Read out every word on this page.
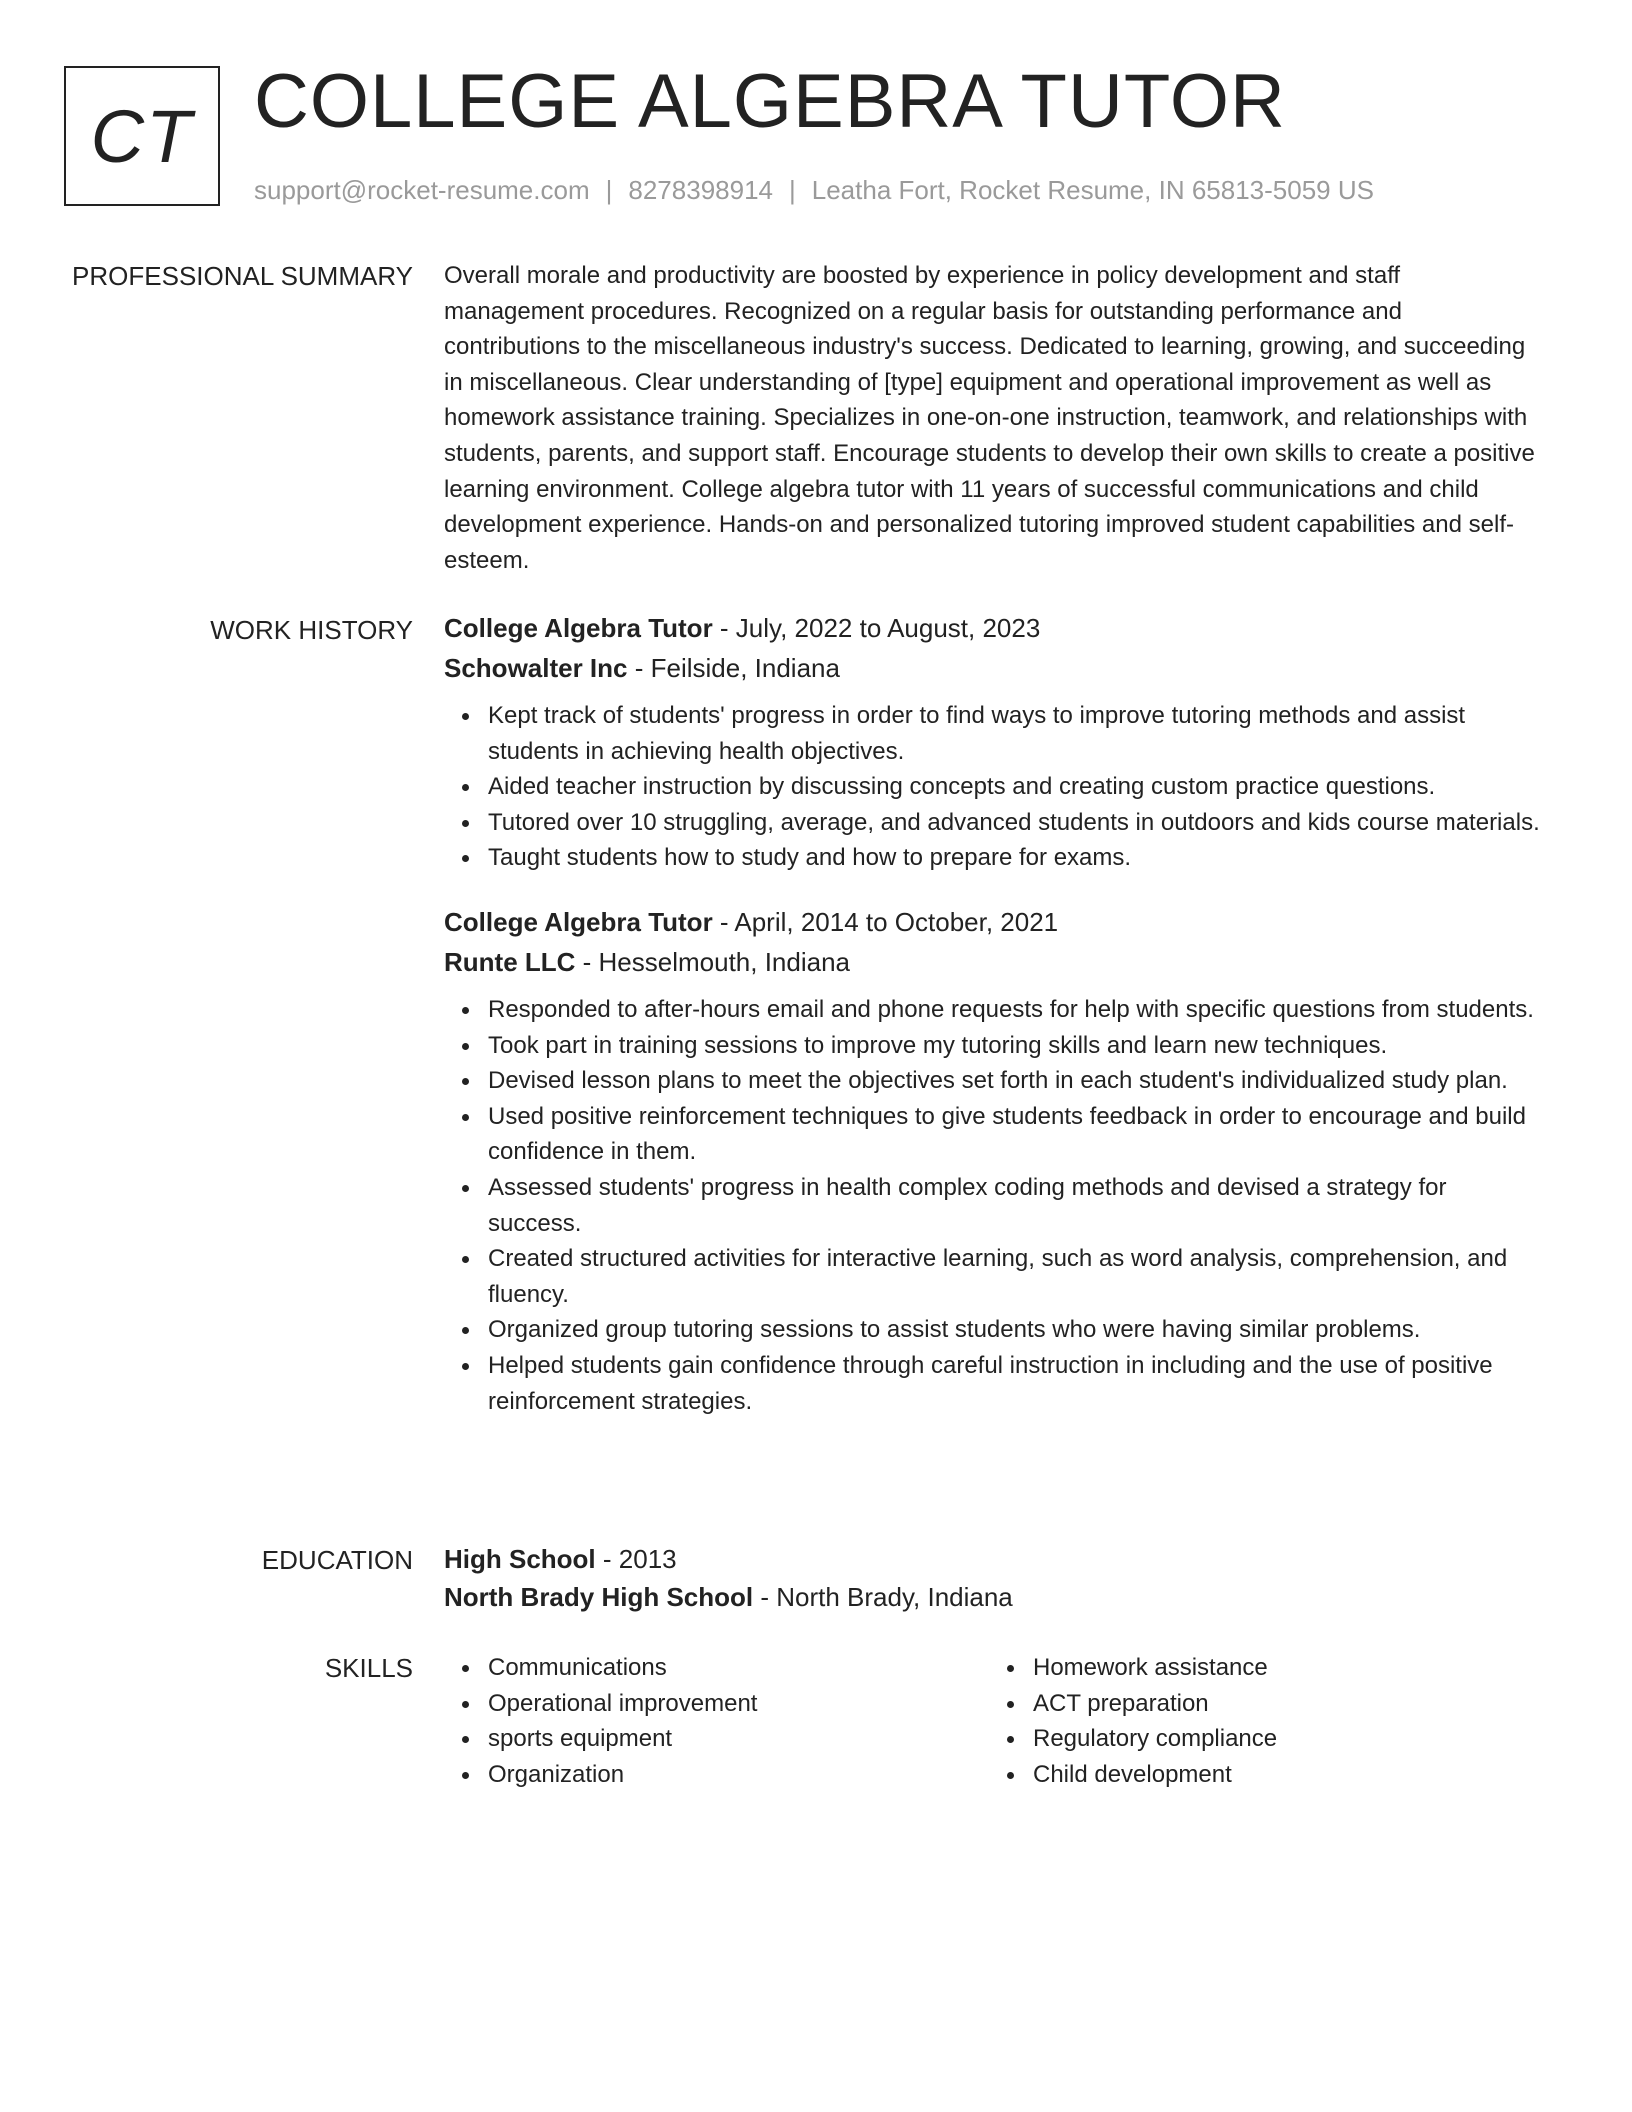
CT COLLEGE ALGEBRA TUTOR
support@rocket-resume.com | 8278398914 | Leatha Fort, Rocket Resume, IN 65813-5059 US
PROFESSIONAL SUMMARY Overall morale and productivity are boosted by experience in policy development and staff management procedures. Recognized on a regular basis for outstanding performance and contributions to the miscellaneous industry's success. Dedicated to learning, growing, and succeeding in miscellaneous. Clear understanding of [type] equipment and operational improvement as well as homework assistance training. Specializes in one-on-one instruction, teamwork, and relationships with students, parents, and support staff. Encourage students to develop their own skills to create a positive learning environment. College algebra tutor with 11 years of successful communications and child development experience. Hands-on and personalized tutoring improved student capabilities and self-esteem.

WORK HISTORY College Algebra Tutor - July, 2022 to August, 2023
Schowalter Inc - Feilside, Indiana
Kept track of students' progress in order to find ways to improve tutoring methods and assist students in achieving health objectives.
Aided teacher instruction by discussing concepts and creating custom practice questions.
Tutored over 10 struggling, average, and advanced students in outdoors and kids course materials.
Taught students how to study and how to prepare for exams.
College Algebra Tutor - April, 2014 to October, 2021
Runte LLC - Hesselmouth, Indiana
Responded to after-hours email and phone requests for help with specific questions from students.
Took part in training sessions to improve my tutoring skills and learn new techniques.
Devised lesson plans to meet the objectives set forth in each student's individualized study plan.
Used positive reinforcement techniques to give students feedback in order to encourage and build confidence in them.
Assessed students' progress in health complex coding methods and devised a strategy for success.
Created structured activities for interactive learning, such as word analysis, comprehension, and fluency.
Organized group tutoring sessions to assist students who were having similar problems.
Helped students gain confidence through careful instruction in including and the use of positive reinforcement strategies.
EDUCATION High School - 2013
North Brady High School - North Brady, Indiana
SKILLS	Communications
Operational improvement
sports equipment
Organization
Homework assistance
ACT preparation
Regulatory compliance
Child development
